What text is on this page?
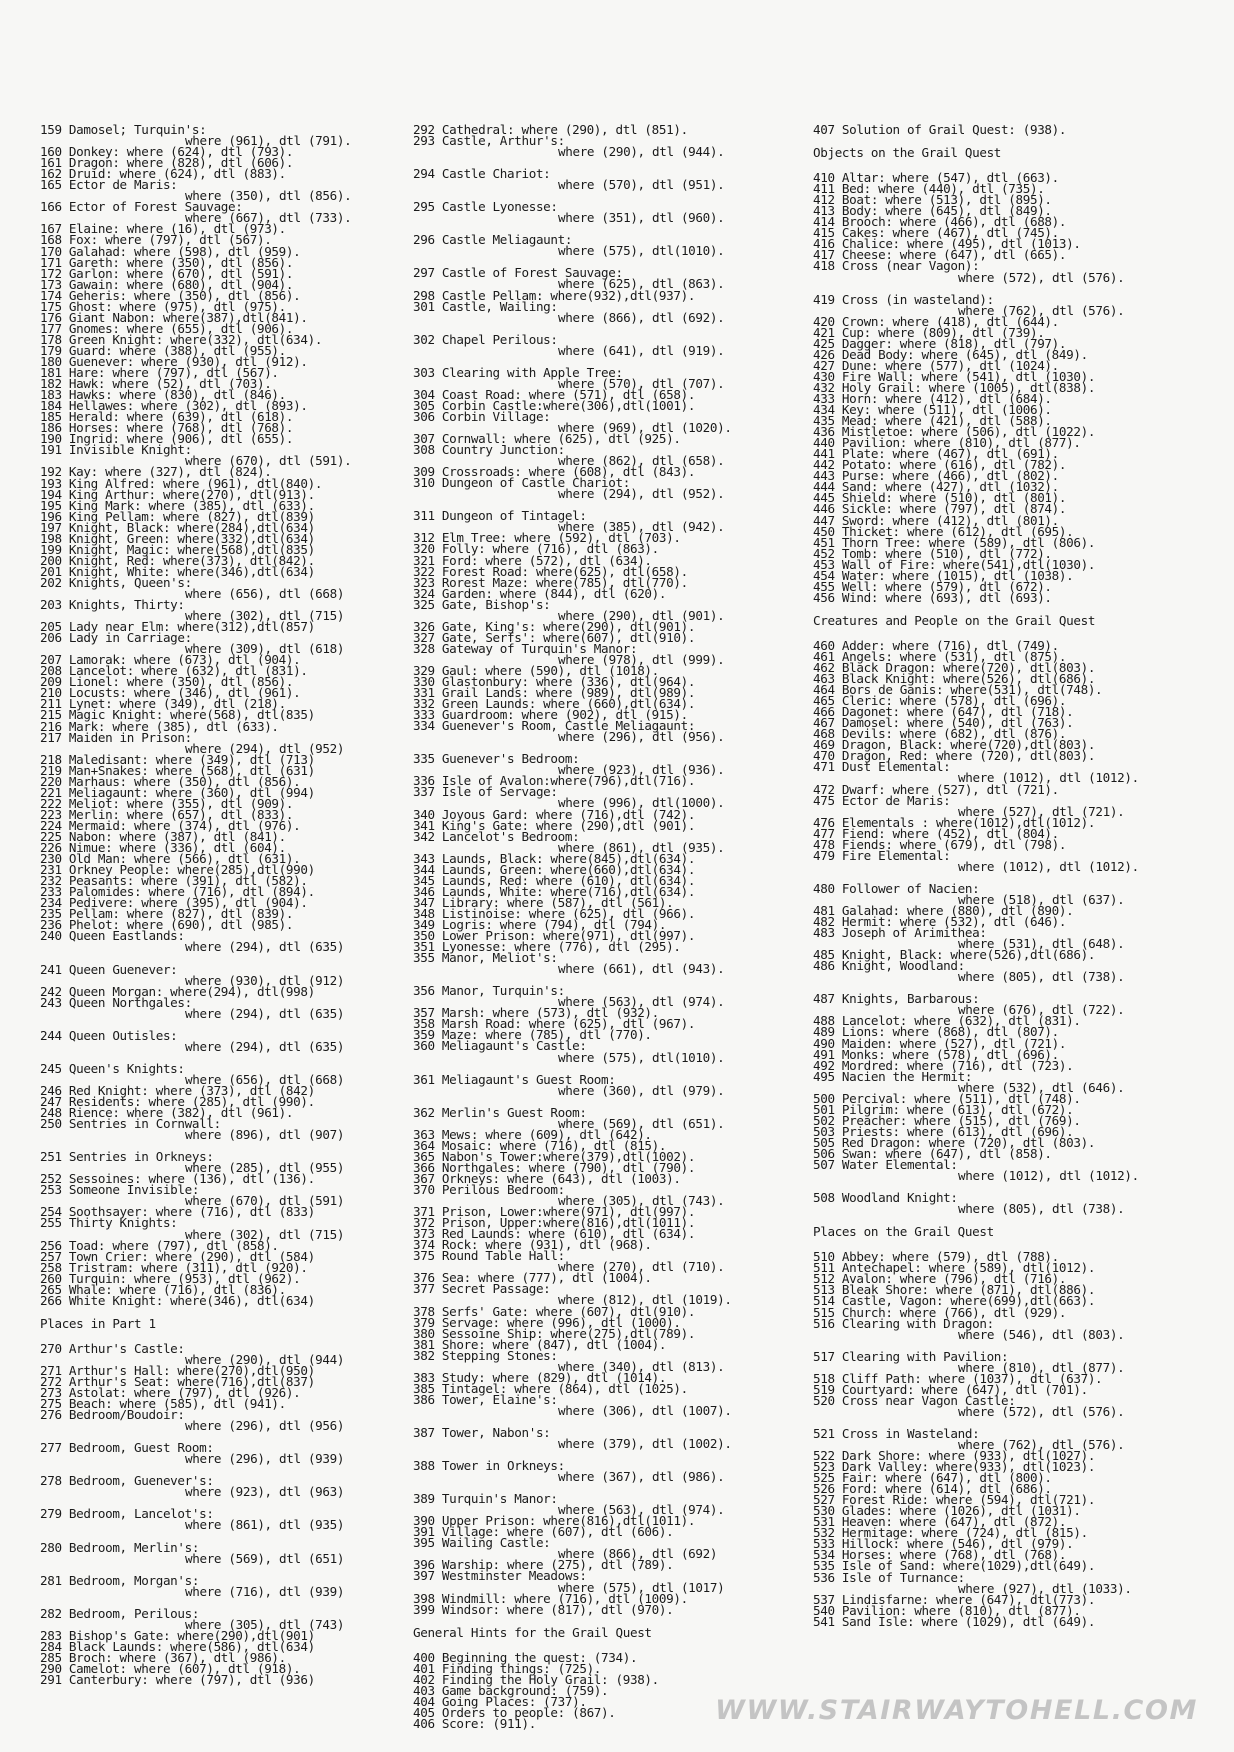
159 Damosel; Turquin's:
where (961), dtl (791).
160 Donkey: where (624), dtl (793).
161 Dragon: where (828), dtl (606).
162 Druid: where (624), dtl (883).
165 Ector de Maris:
where (350), dtl (856).
166 Ector of Forest Sauvage:
where (667), dtl (733).
167 Elaine: where (16), dtl (973).
168 Fox: where (797), dtl (567).
170 Galahad: where (598), dtl (959).
171 Gareth: where (350), dtl (856).
172 Garlon: where (670), dtl (591).
173 Gawain: where (680), dtl (904).
174 Geheris: where (350), dtl (856).
175 Ghost: where (975), dtl (975).
176 Giant Nabon: where(387),dtl(841).
177 Gnomes: where (655), dtl (906).
178 Green Knight: where(332), dtl(634).
179 Guard: where (388), dtl (955).
180 Guenever: where (930), dtl (912).
181 Hare: where (797), dtl (567).
182 Hawk: where (52), dtl (703).
183 Hawks: where (830), dtl (846).
184 Hellawes: where (302), dtl (893).
185 Herald: where (639), dtl (618).
186 Horses: where (768), dtl (768).
190 Ingrid: where (906), dtl (655).
191 Invisible Knight:
where (670), dtl (591).
192 Kay: where (327), dtl (824).
193 King Alfred: where (961), dtl(840).
194 King Arthur: where(270), dtl(913).
195 King Mark: where (385), dtl (633).
196 King Pellam: where (827), dtl(839)
197 Knight, Black: where(284),dtl(634)
198 Knight, Green: where(332),dtl(634)
199 Knight, Magic: where(568),dtl(835)
200 Knight, Red: where(373), dtl(842).
201 Knight, White: where(346),dtl(634)
202 Knights, Queen's:
where (656), dtl (668)
203 Knights, Thirty:
where (302), dtl (715)
205 Lady near Elm: where(312),dtl(857)
206 Lady in Carriage:
where (309), dtl (618)
207 Lamorak: where (673), dtl (904).
208 Lancelot: where (632), dtl (831).
209 Lionel: where (350), dtl (856).
210 Locusts: where (346), dtl (961).
211 Lynet: where (349), dtl (218).
215 Magic Knight: where(568), dtl(835)
216 Mark: where (385), dtl (633).
217 Maiden in Prison:
where (294), dtl (952)
218 Maledisant: where (349), dtl (713)
219 Man+Snakes: where (568), dtl (631)
220 Marhaus: where (350), dtl (856).
221 Meliagaunt: where (360), dtl (994)
222 Meliot: where (355), dtl (909).
223 Merlin: where (657), dtl (833).
224 Mermaid: where (374), dtl (976).
225 Nabon: where (387), dtl (841).
226 Nimue: where (336), dtl (604).
230 Old Man: where (566), dtl (631).
231 Orkney People: where(285),dtl(990)
232 Peasants: where (391), dtl (582).
233 Palomides: where (716), dtl (894).
234 Pedivere: where (395), dtl (904).
235 Pellam: where (827), dtl (839).
236 Phelot: where (690), dtl (985).
240 Queen Eastlands:
where (294), dtl (635)
241 Queen Guenever:
where (930), dtl (912)
242 Queen Morgan: where(294), dtl(998)
243 Queen Northgales:
where (294), dtl (635)
244 Queen Outisles:
where (294), dtl (635)
245 Queen's Knights:
where (656), dtl (668)
246 Red Knight: where (373), dtl (842)
247 Residents: where (285), dtl (990).
248 Rience: where (382), dtl (961).
250 Sentries in Cornwall:
where (896), dtl (907)
251 Sentries in Orkneys:
where (285), dtl (955)
252 Sessoines: where (136), dtl (136).
253 Someone Invisible:
where (670), dtl (591)
254 Soothsayer: where (716), dtl (833)
255 Thirty Knights:
where (302), dtl (715)
256 Toad: where (797), dtl (858).
257 Town Crier: where (290), dtl (584)
258 Tristram: where (311), dtl (920).
260 Turquin: where (953), dtl (962).
265 Whale: where (716), dtl (836).
266 White Knight: where(346), dtl(634)
Places in Part 1
270 Arthur's Castle:
where (290), dtl (944)
271 Arthur's Hall: where(270),dtl(950)
272 Arthur's Seat: where(716),dtl(837)
273 Astolat: where (797), dtl (926).
275 Beach: where (585), dtl (941).
276 Bedroom/Boudoir:
where (296), dtl (956)
277 Bedroom, Guest Room:
where (296), dtl (939)
278 Bedroom, Guenever's:
where (923), dtl (963)
279 Bedroom, Lancelot's:
where (861), dtl (935)
280 Bedroom, Merlin's:
where (569), dtl (651)
281 Bedroom, Morgan's:
where (716), dtl (939)
282 Bedroom, Perilous:
where (305), dtl (743)
283 Bishop's Gate: where(290),dtl(901)
284 Black Launds: where(586), dtl(634)
285 Broch: where (367), dtl (986).
290 Camelot: where (607), dtl (918).
291 Canterbury: where (797), dtl (936)
292 Cathedral: where (290), dtl (851).
293 Castle, Arthur's:
where (290), dtl (944).
294 Castle Chariot:
where (570), dtl (951).
295 Castle Lyonesse:
where (351), dtl (960).
296 Castle Meliagaunt:
where (575), dtl(1010).
297 Castle of Forest Sauvage:
where (625), dtl (863).
298 Castle Pellam: where(932),dtl(937).
301 Castle, Wailing:
where (866), dtl (692).
302 Chapel Perilous:
where (641), dtl (919).
303 Clearing with Apple Tree:
where (570), dtl (707).
304 Coast Road: where (571), dtl (658).
305 Corbin Castle:where(306),dtl(1001).
306 Corbin Village:
where (969), dtl (1020).
307 Cornwall: where (625), dtl (925).
308 Country Junction:
where (862), dtl (658).
309 Crossroads: where (608), dtl (843).
310 Dungeon of Castle Chariot:
where (294), dtl (952).
311 Dungeon of Tintagel:
where (385), dtl (942).
312 Elm Tree: where (592), dtl (703).
320 Folly: where (716), dtl (863).
321 Ford: where (572), dtl (634).
322 Forest Road: where(625), dtl(658).
323 Rorest Maze: where(785), dtl(770).
324 Garden: where (844), dtl (620).
325 Gate, Bishop's:
where (290), dtl (901).
326 Gate, King's: where(290), dtl(901).
327 Gate, Serfs': where(607), dtl(910).
328 Gateway of Turquin's Manor:
where (978), dtl (999).
329 Gaul: where (590), dtl (1018).
330 Glastonbury: where (336), dtl(964).
331 Grail Lands: where (989), dtl(989).
332 Green Launds: where (660),dtl(634).
333 Guardroom: where (902), dtl (915).
334 Guenever's Room, Castle Meliagaunt:
where (296), dtl (956).
335 Guenever's Bedroom:
where (923), dtl (936).
336 Isle of Avalon:where(796),dtl(716).
337 Isle of Servage:
where (996), dtl(1000).
340 Joyous Gard: where (716),dtl (742).
341 King's Gate: where (290),dtl (901).
342 Lancelot's Bedroom:
where (861), dtl (935).
343 Launds, Black: where(845),dtl(634).
344 Launds, Green: where(660),dtl(634).
345 Launds, Red: where (610), dtl(634).
346 Launds, White: where(716),dtl(634).
347 Library: where (587), dtl (561).
348 Listinoise: where (625), dtl (966).
349 Logris: where (794), dtl (794).
350 Lower Prison: where(971), dtl(997).
351 Lyonesse: where (776), dtl (295).
355 Manor, Meliot's:
where (661), dtl (943).
356 Manor, Turquin's:
where (563), dtl (974).
357 Marsh: where (573), dtl (932).
358 Marsh Road: where (625), dtl (967).
359 Maze: where (785), dtl (770).
360 Meliagaunt's Castle:
where (575), dtl(1010).
361 Meliagaunt's Guest Room:
where (360), dtl (979).
362 Merlin's Guest Room:
where (569), dtl (651).
363 Mews: where (609), dtl (642).
364 Mosaic: where (716), dtl (815).
365 Nabon's Tower:where(379),dtl(1002).
366 Northgales: where (790), dtl (790).
367 Orkneys: where (643), dtl (1003).
370 Perilous Bedroom:
where (305), dtl (743).
371 Prison, Lower:where(971), dtl(997).
372 Prison, Upper:where(816),dtl(1011).
373 Red Launds: where (610), dtl (634).
374 Rock: where (931), dtl (968).
375 Round Table Hall:
where (270), dtl (710).
376 Sea: where (777), dtl (1004).
377 Secret Passage:
where (812), dtl (1019).
378 Serfs' Gate: where (607), dtl(910).
379 Servage: where (996), dtl (1000).
380 Sessoine Ship: where(275),dtl(789).
381 Shore: where (847), dtl (1004).
382 Stepping Stones:
where (340), dtl (813).
383 Study: where (829), dtl (1014).
385 Tintagel: where (864), dtl (1025).
386 Tower, Elaine's:
where (306), dtl (1007).
387 Tower, Nabon's:
where (379), dtl (1002).
388 Tower in Orkneys:
where (367), dtl (986).
389 Turquin's Manor:
where (563), dtl (974).
390 Upper Prison: where(816),dtl(1011).
391 Village: where (607), dtl (606).
395 Wailing Castle:
where (866), dtl (692)
396 Warship: where (275), dtl (789).
397 Westminster Meadows:
where (575), dtl (1017)
398 Windmill: where (716), dtl (1009).
399 Windsor: where (817), dtl (970).
General Hints for the Grail Quest
400 Beginning the quest: (734).
401 Finding things: (725).
402 Finding the Holy Grail: (938).
403 Game background: (759).
404 Going Places: (737).
405 Orders to people: (867).
406 Score: (911).
407 Solution of Grail Quest: (938).
Objects on the Grail Quest
410 Altar: where (547), dtl (663).
411 Bed: where (440), dtl (735).
412 Boat: where (513), dtl (895).
413 Body: where (645), dtl (849).
414 Brooch: where (466), dtl (688).
415 Cakes: where (467), dtl (745).
416 Chalice: where (495), dtl (1013).
417 Cheese: where (647), dtl (665).
418 Cross (near Vagon):
where (572), dtl (576).
419 Cross (in wasteland):
where (762), dtl (576).
420 Crown: where (418), dtl (644).
421 Cup: where (809), dtl (739).
425 Dagger: where (818), dtl (797).
426 Dead Body: where (645), dtl (849).
427 Dune: where (577), dtl (1024).
430 Fire Wall: where (541), dtl (1030).
432 Holy Grail: where (1005), dtl(838).
433 Horn: where (412), dtl (684).
434 Key: where (511), dtl (1006).
435 Mead: where (421), dtl (588).
436 Mistletoe: where (506), dtl (1022).
440 Pavilion: where (810), dtl (877).
441 Plate: where (467), dtl (691).
442 Potato: where (616), dtl (782).
443 Purse: where (466), dtl (802).
444 Sand: where (427), dtl (1032).
445 Shield: where (510), dtl (801).
446 Sickle: where (797), dtl (874).
447 Sword: where (412), dtl (801).
450 Thicket: where (612), dtl (695).
451 Thorn Tree: where (589), dtl (806).
452 Tomb: where (510), dtl (772).
453 Wall of Fire: where(541),dtl(1030).
454 Water: where (1015), dtl (1038).
455 Well: where (579), dtl (672).
456 Wind: where (693), dtl (693).
Creatures and People on the Grail Quest
460 Adder: where (716), dtl (749).
461 Angels: where (531), dtl (875).
462 Black Dragon: where(720), dtl(803).
463 Black Knight: where(526), dtl(686).
464 Bors de Ganis: where(531), dtl(748).
465 Cleric: where (578), dtl (696).
466 Dagonet: where (647), dtl (718).
467 Damosel: where (540), dtl (763).
468 Devils: where (682), dtl (876).
469 Dragon, Black: where(720),dtl(803).
470 Dragon, Red: where (720), dtl(803).
471 Dust Elemental:
where (1012), dtl (1012).
472 Dwarf: where (527), dtl (721).
475 Ector de Maris:
where (527), dtl (721).
476 Elementals : where(1012),dtl(1012).
477 Fiend: where (452), dtl (804).
478 Fiends: where (679), dtl (798).
479 Fire Elemental:
where (1012), dtl (1012).
480 Follower of Nacien:
where (518), dtl (637).
481 Galahad: where (880), dtl (890).
482 Hermit: where (532), dtl (646).
483 Joseph of Arimithea:
where (531), dtl (648).
485 Knight, Black: where(526),dtl(686).
486 Knight, Woodland:
where (805), dtl (738).
487 Knights, Barbarous:
where (676), dtl (722).
488 Lancelot: where (632), dtl (831).
489 Lions: where (868), dtl (807).
490 Maiden: where (527), dtl (721).
491 Monks: where (578), dtl (696).
492 Mordred: where (716), dtl (723).
495 Nacien the Hermit:
where (532), dtl (646).
500 Percival: where (511), dtl (748).
501 Pilgrim: where (613), dtl (672).
502 Preacher: where (515), dtl (769).
503 Priests: where (613), dtl (696).
505 Red Dragon: where (720), dtl (803).
506 Swan: where (647), dtl (858).
507 Water Elemental:
where (1012), dtl (1012).
508 Woodland Knight:
where (805), dtl (738).
Places on the Grail Quest
510 Abbey: where (579), dtl (788).
511 Antechapel: where (589), dtl(1012).
512 Avalon: where (796), dtl (716).
513 Bleak Shore: where (871), dtl(886).
514 Castle, Vagon: where(699),dtl(663).
515 Church: where (766), dtl (929).
516 Clearing with Dragon:
where (546), dtl (803).
517 Clearing with Pavilion:
where (810), dtl (877).
518 Cliff Path: where (1037), dtl (637).
519 Courtyard: where (647), dtl (701).
520 Cross near Vagon Castle:
where (572), dtl (576).
521 Cross in Wasteland:
where (762), dtl (576).
522 Dark Shore: where (933), dtl(1027).
523 Dark Valley: where(933), dtl(1023).
525 Fair: where (647), dtl (800).
526 Ford: where (614), dtl (686).
527 Forest Ride: where (594), dtl(721).
530 Glades: where (1026), dtl (1031).
531 Heaven: where (647), dtl (872).
532 Hermitage: where (724), dtl (815).
533 Hillock: where (546), dtl (979).
534 Horses: where (768), dtl (768).
535 Isle of Sand: where(1029),dtl(649).
536 Isle of Turnance:
where (927), dtl (1033).
537 Lindisfarne: where (647), dtl(773).
540 Pavilion: where (810), dtl (877).
541 Sand Isle: where (1029), dtl (649).
WWW.STAIRWAYTOHELL.COM
